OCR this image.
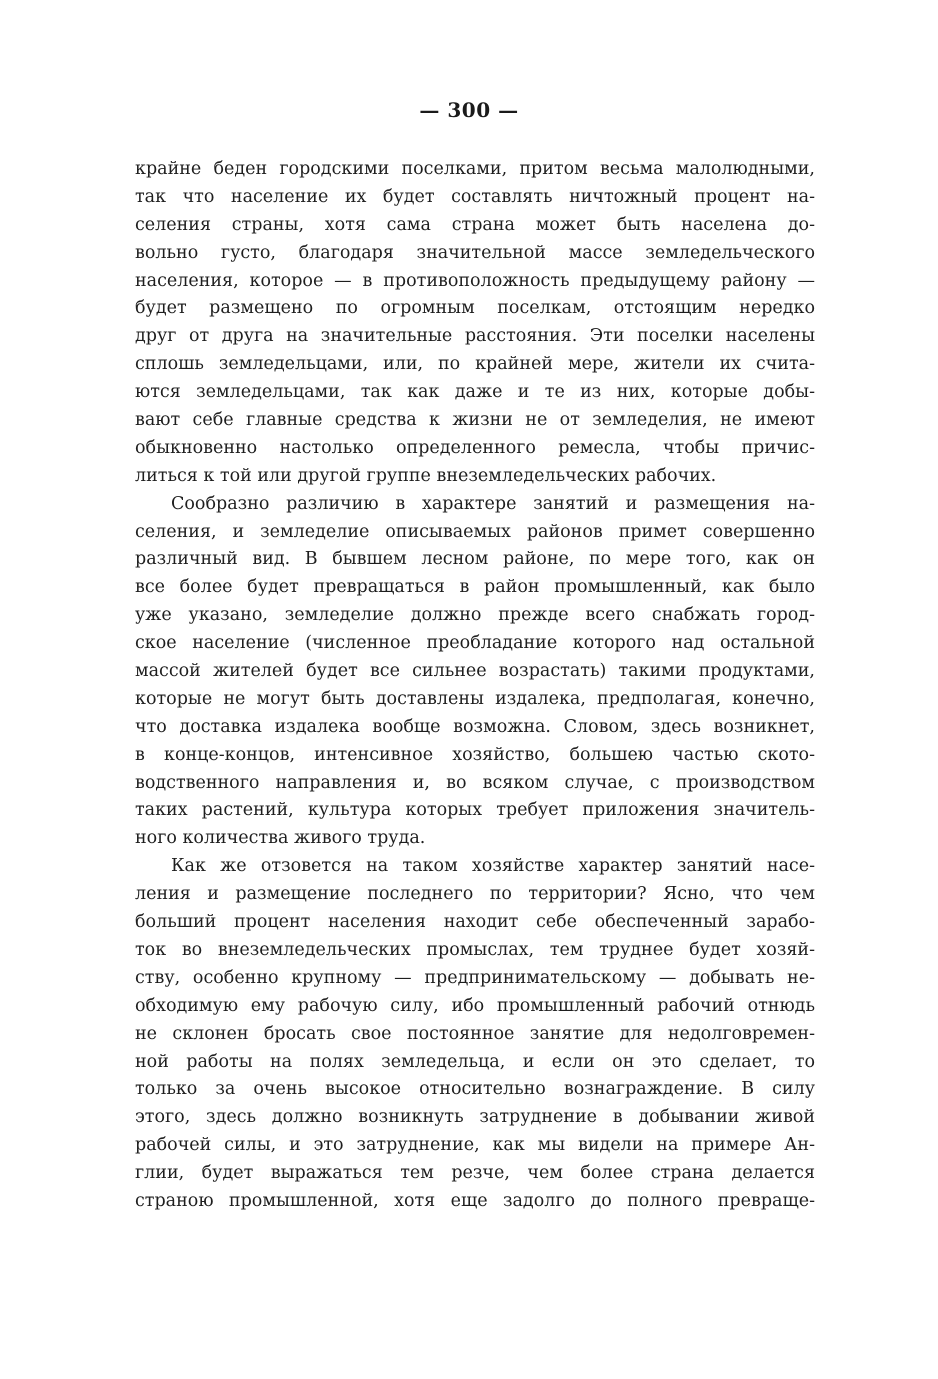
— 300 —
крайне беден городскими поселками, притом весьма малолюдными,
так что население их будет составлять ничтожный процент на-
селения страны, хотя сама страна может быть населена до-
вольно густо, благодаря значительной массе земледельческого
населения, которое — в противоположность предыдущему району —
будет размещено по огромным поселкам, отстоящим нередко
друг от друга на значительные расстояния. Эти поселки населены
сплошь земледельцами, или, по крайней мере, жители их счита-
ются земледельцами, так как даже и те из них, которые добы-
вают себе главные средства к жизни не от земледелия, не имеют
обыкновенно настолько определенного ремесла, чтобы причис-
литься к той или другой группе внеземледельческих рабочих.
Сообразно различию в характере занятий и размещения на-
селения, и земледелие описываемых районов примет совершенно
различный вид. В бывшем лесном районе, по мере того, как он
все более будет превращаться в район промышленный, как было
уже указано, земледелие должно прежде всего снабжать город-
ское население (численное преобладание которого над остальной
массой жителей будет все сильнее возрастать) такими продуктами,
которые не могут быть доставлены издалека, предполагая, конечно,
что доставка издалека вообще возможна. Словом, здесь возникнет,
в конце-концов, интенсивное хозяйство, большею частью ското-
водственного направления и, во всяком случае, с производством
таких растений, культура которых требует приложения значитель-
ного количества живого труда.
Как же отзовется на таком хозяйстве характер занятий насе-
ления и размещение последнего по территории? Ясно, что чем
больший процент населения находит себе обеспеченный зарабо-
ток во внеземледельческих промыслах, тем труднее будет хозяй-
ству, особенно крупному — предпринимательскому — добывать не-
обходимую ему рабочую силу, ибо промышленный рабочий отнюдь
не склонен бросать свое постоянное занятие для недолговремен-
ной работы на полях земледельца, и если он это сделает, то
только за очень высокое относительно вознаграждение. В силу
этого, здесь должно возникнуть затруднение в добывании живой
рабочей силы, и это затруднение, как мы видели на примере Ан-
глии, будет выражаться тем резче, чем более страна делается
страною промышленной, хотя еще задолго до полного превраще-
